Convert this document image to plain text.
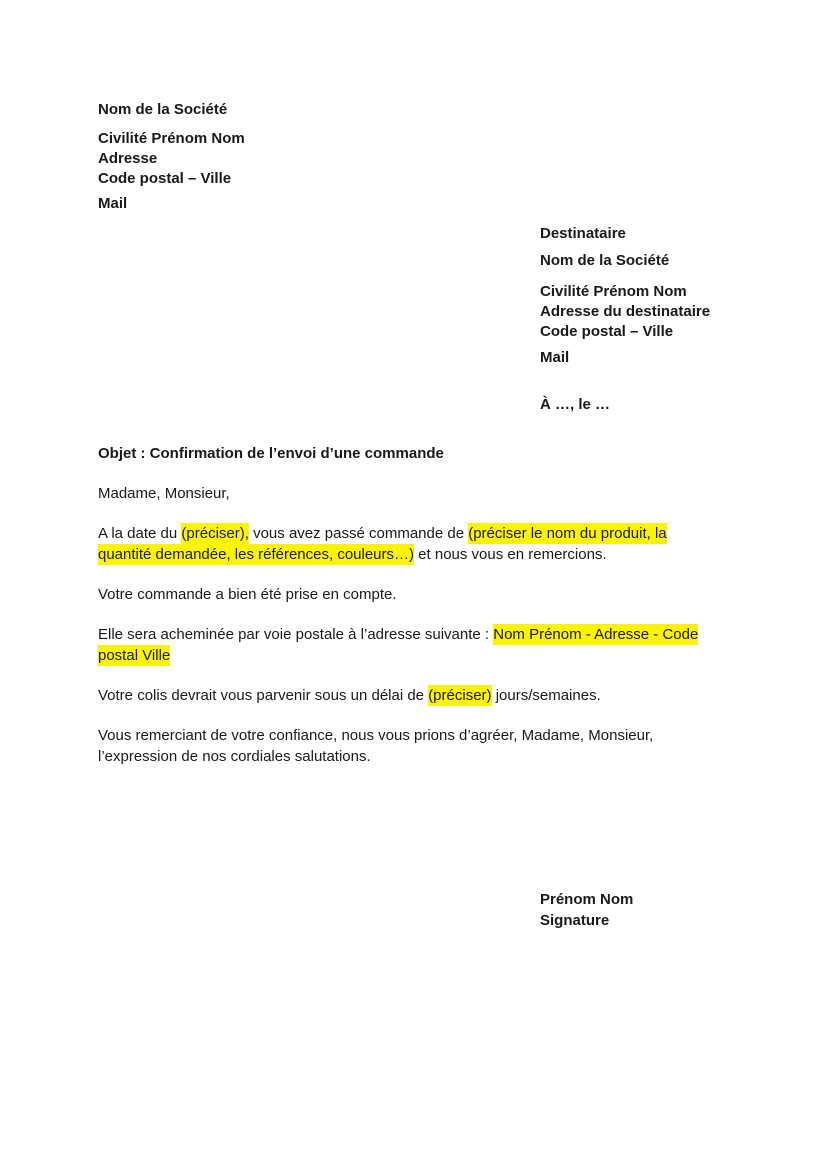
Nom de la Société

Civilité Prénom Nom
Adresse
Code postal – Ville

Mail

Destinataire

Nom de la Société

Civilité Prénom Nom
Adresse du destinataire
Code postal – Ville

Mail

À …, le …

Objet : Confirmation de l’envoi d’une commande

Madame, Monsieur,

A la date du (préciser), vous avez passé commande de (préciser le nom du produit, la
quantité demandée, les références, couleurs…) et nous vous en remercions.

Votre commande a bien été prise en compte.

Elle sera acheminée par voie postale à l’adresse suivante : Nom Prénom - Adresse - Code
postal Ville

Votre colis devrait vous parvenir sous un délai de (préciser) jours/semaines.

Vous remerciant de votre confiance, nous vous prions d’agréer, Madame, Monsieur,
l’expression de nos cordiales salutations.

Prénom Nom
Signature
